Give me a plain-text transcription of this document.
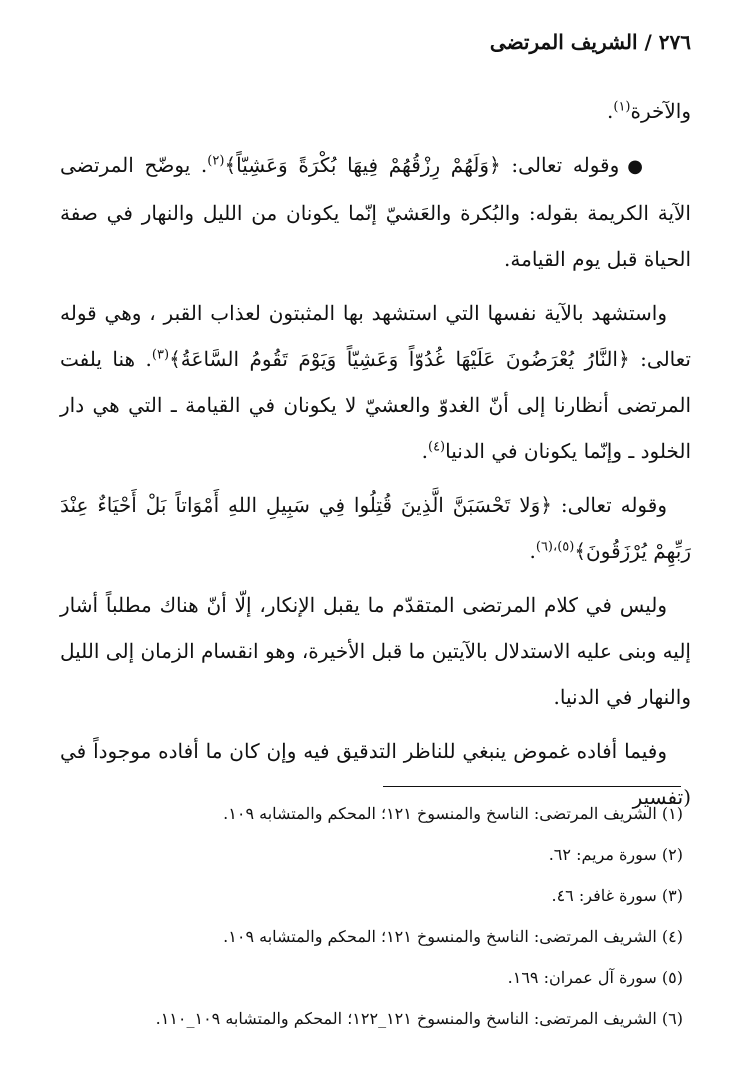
٢٧٦ / الشريف المرتضى

والآخرة$^{(١)}$.

●وقوله تعالى: ﴿وَلَهُمْ رِزْقُهُمْ فِيهَا بُكْرَةً وَعَشِيّاً﴾$^{(٢)}$. يوضّح المرتضى الآية الكريمة بقوله: والبُكرة والعَشيّ إنّما يكونان من الليل والنهار في صفة الحياة قبل يوم القيامة.

واستشهد بالآية نفسها التي استشهد بها المثبتون لعذاب القبر ، وهي قوله تعالى: ﴿النَّارُ يُعْرَضُونَ عَلَيْهَا غُدُوّاً وَعَشِيّاً وَيَوْمَ تَقُومُ السَّاعَةُ﴾$^{(٣)}$. هنا يلفت المرتضى أنظارنا إلى أنّ الغدوّ والعشيّ لا يكونان في القيامة ـ التي هي دار الخلود ـ وإنّما يكونان في الدنيا$^{(٤)}$.

وقوله تعالى: ﴿وَلا تَحْسَبَنَّ الَّذِينَ قُتِلُوا فِي سَبِيلِ اللهِ أَمْوَاتاً بَلْ أَحْيَاءٌ عِنْدَ رَبِّهِمْ يُرْزَقُونَ﴾$^{(٥)،(٦)}$.

وليس في كلام المرتضى المتقدّم ما يقبل الإنكار، إلّا أنّ هناك مطلباً أشار إليه وبنى عليه الاستدلال بالآيتين ما قبل الأخيرة، وهو انقسام الزمان إلى الليل والنهار في الدنيا.

وفيما أفاده غموض ينبغي للناظر التدقيق فيه وإن كان ما أفاده موجوداً في (تفسير

(١) الشريف المرتضى: الناسخ والمنسوخ ١٢١؛ المحكم والمتشابه ١٠٩.

(٢) سورة مريم: ٦٢.

(٣) سورة غافر: ٤٦.

(٤) الشريف المرتضى: الناسخ والمنسوخ ١٢١؛ المحكم والمتشابه ١٠٩.

(٥) سورة آل عمران: ١٦٩.

(٦) الشريف المرتضى: الناسخ والمنسوخ ١٢١_١٢٢؛ المحكم والمتشابه ١٠٩_١١٠.
